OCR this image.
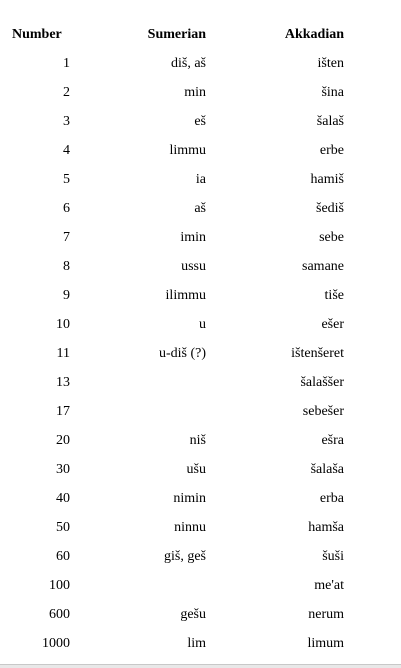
Number	Sumerian	Akkadian
1	diš, aš	išten
2	min	šina
3	eš	šalaš
4	limmu	erbe
5	ia	hamiš
6	aš	šediš
7	imin	sebe
8	ussu	samane
9	ilimmu	tiše
10	u	ešer
11	u-diš (?)	ištenšeret
13		šalaššer
17		sebešer
20	niš	ešra
30	ušu	šalaša
40	nimin	erba
50	ninnu	hamša
60	giš, geš	šuši
100		me'at
600	gešu	nerum
1000	lim	limum
